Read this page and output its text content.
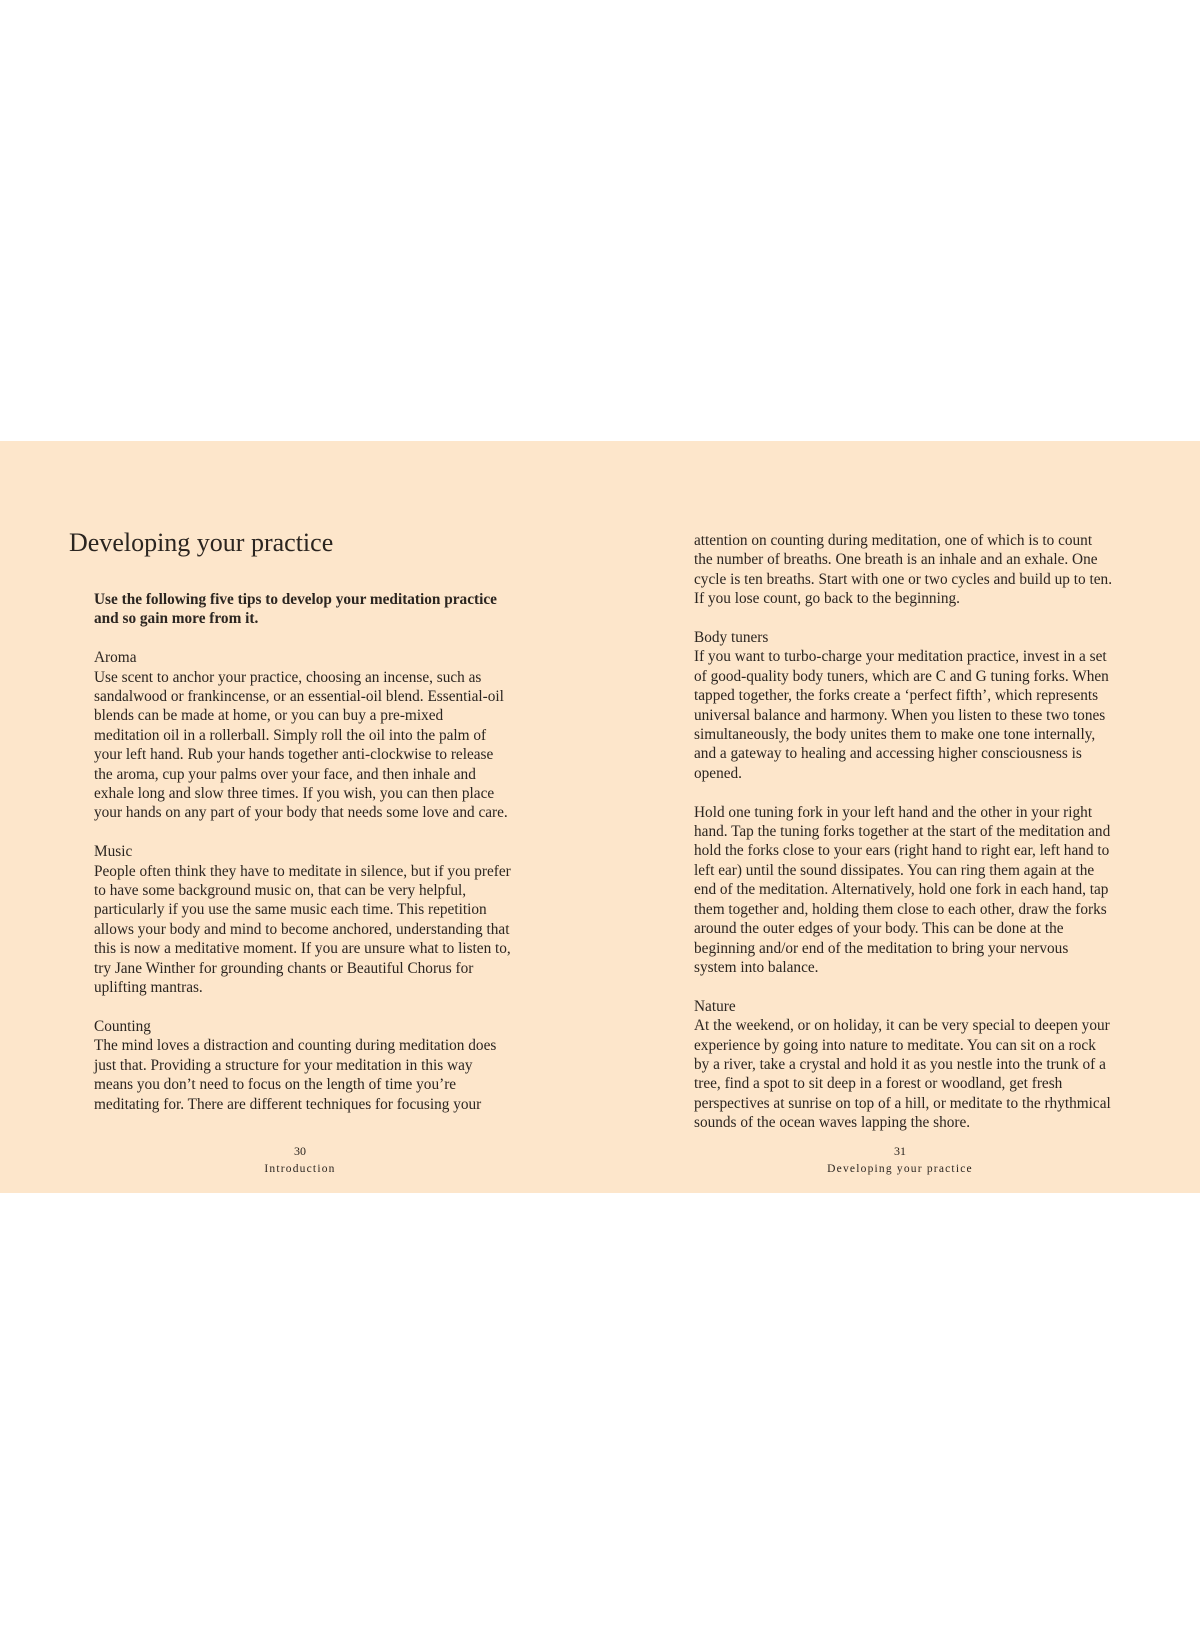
Developing your practice

Use the following five tips to develop your meditation practice and so gain more from it.

Aroma

Use scent to anchor your practice, choosing an incense, such as sandalwood or frankincense, or an essential-oil blend. Essential-oil blends can be made at home, or you can buy a pre-mixed meditation oil in a rollerball. Simply roll the oil into the palm of your left hand. Rub your hands together anti-clockwise to release the aroma, cup your palms over your face, and then inhale and exhale long and slow three times. If you wish, you can then place your hands on any part of your body that needs some love and care.

Music

People often think they have to meditate in silence, but if you prefer to have some background music on, that can be very helpful, particularly if you use the same music each time. This repetition allows your body and mind to become anchored, understanding that this is now a meditative moment. If you are unsure what to listen to, try Jane Winther for grounding chants or Beautiful Chorus for uplifting mantras.

Counting

The mind loves a distraction and counting during meditation does just that. Providing a structure for your meditation in this way means you don’t need to focus on the length of time you’re meditating for. There are different techniques for focusing your

30
Introduction

attention on counting during meditation, one of which is to count the number of breaths. One breath is an inhale and an exhale. One cycle is ten breaths. Start with one or two cycles and build up to ten. If you lose count, go back to the beginning.

Body tuners

If you want to turbo-charge your meditation practice, invest in a set of good-quality body tuners, which are C and G tuning forks. When tapped together, the forks create a ‘perfect fifth’, which represents universal balance and harmony. When you listen to these two tones simultaneously, the body unites them to make one tone internally, and a gateway to healing and accessing higher consciousness is opened.

Hold one tuning fork in your left hand and the other in your right hand. Tap the tuning forks together at the start of the meditation and hold the forks close to your ears (right hand to right ear, left hand to left ear) until the sound dissipates. You can ring them again at the end of the meditation. Alternatively, hold one fork in each hand, tap them together and, holding them close to each other, draw the forks around the outer edges of your body. This can be done at the beginning and/or end of the meditation to bring your nervous system into balance.

Nature

At the weekend, or on holiday, it can be very special to deepen your experience by going into nature to meditate. You can sit on a rock by a river, take a crystal and hold it as you nestle into the trunk of a tree, find a spot to sit deep in a forest or woodland, get fresh perspectives at sunrise on top of a hill, or meditate to the rhythmical sounds of the ocean waves lapping the shore.

31
Developing your practice
